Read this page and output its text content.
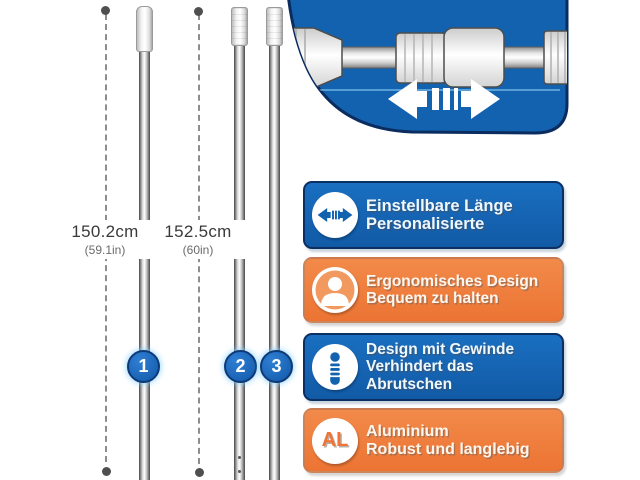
150.2cm
(59.1in)
152.5cm
(60in)
1	2 3
Einstellbare Länge
Personalisierte
Ergonomisches Design
Bequem zu halten
Design mit Gewinde
Verhindert das
Abrutschen
AL Aluminium
Robust und langlebig
